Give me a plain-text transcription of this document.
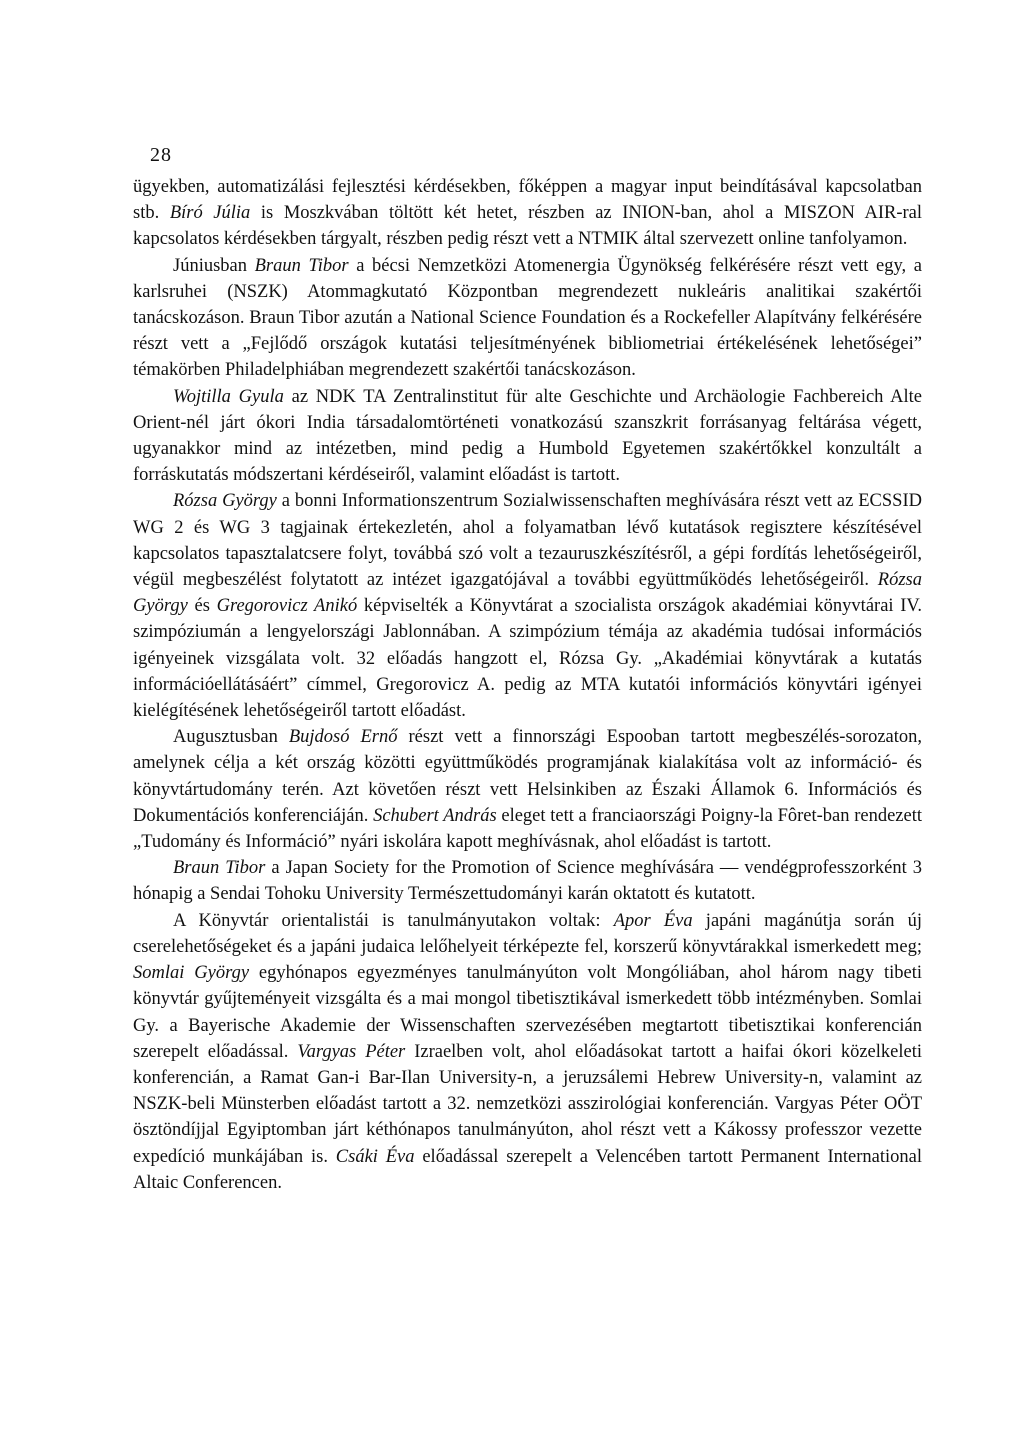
28

ügyekben, automatizálási fejlesztési kérdésekben, főképpen a magyar input beindításával kapcsolatban stb. Bíró Júlia is Moszkvában töltött két hetet, részben az INION-ban, ahol a MISZON AIR-ral kapcsolatos kérdésekben tárgyalt, részben pedig részt vett a NTMIK által szervezett online tanfolyamon.

Júniusban Braun Tibor a bécsi Nemzetközi Atomenergia Ügynökség felkérésére részt vett egy, a karlsruhei (NSZK) Atommagkutató Központban megrendezett nukleáris analitikai szakértői tanácskozáson. Braun Tibor azután a National Science Foundation és a Rockefeller Alapítvány felkérésére részt vett a „Fejlődő országok kutatási teljesítményének bibliometriai értékelésének lehetőségei” témakörben Philadelphiában megrendezett szakértői tanácskozáson.

Wojtilla Gyula az NDK TA Zentralinstitut für alte Geschichte und Archäologie Fachbereich Alte Orient-nél járt ókori India társadalomtörténeti vonatkozású szanszkrit forrásanyag feltárása végett, ugyanakkor mind az intézetben, mind pedig a Humbold Egyetemen szakértőkkel konzultált a forráskutatás módszertani kérdéseiről, valamint előadást is tartott.

Rózsa György a bonni Informationszentrum Sozialwissenschaften meghívására részt vett az ECSSID WG 2 és WG 3 tagjainak értekezletén, ahol a folyamatban lévő kutatások regisztere készítésével kapcsolatos tapasztalatcsere folyt, továbbá szó volt a tezauruszkészítésről, a gépi fordítás lehetőségeiről, végül megbeszélést folytatott az intézet igazgatójával a további együttműködés lehetőségeiről. Rózsa György és Gregorovicz Anikó képviselték a Könyvtárat a szocialista országok akadémiai könyvtárai IV. szimpóziumán a lengyelországi Jablonnában. A szimpózium témája az akadémia tudósai információs igényeinek vizsgálata volt. 32 előadás hangzott el, Rózsa Gy. „Akadémiai könyvtárak a kutatás információellátásáért” címmel, Gregorovicz A. pedig az MTA kutatói információs könyvtári igényei kielégítésének lehetőségeiről tartott előadást.

Augusztusban Bujdosó Ernő részt vett a finnországi Espooban tartott megbeszélés-sorozaton, amelynek célja a két ország közötti együttműködés programjának kialakítása volt az információ- és könyvtártudomány terén. Azt követően részt vett Helsinkiben az Északi Államok 6. Információs és Dokumentációs konferenciáján. Schubert András eleget tett a franciaországi Poigny-la Fôret-ban rendezett „Tudomány és Információ” nyári iskolára kapott meghívásnak, ahol előadást is tartott.

Braun Tibor a Japan Society for the Promotion of Science meghívására — vendégprofesszorként 3 hónapig a Sendai Tohoku University Természettudományi karán oktatott és kutatott.

A Könyvtár orientalistái is tanulmányutakon voltak: Apor Éva japáni magánútja során új cserelehetőségeket és a japáni judaica lelőhelyeit térképezte fel, korszerű könyvtárakkal ismerkedett meg; Somlai György egyhónapos egyezményes tanulmányúton volt Mongóliában, ahol három nagy tibeti könyvtár gyűjteményeit vizsgálta és a mai mongol tibetisztikával ismerkedett több intézményben. Somlai Gy. a Bayerische Akademie der Wissenschaften szervezésében megtartott tibetisztikai konferencián szerepelt előadással. Vargyas Péter Izraelben volt, ahol előadásokat tartott a haifai ókori közelkeleti konferencián, a Ramat Gan-i Bar-Ilan University-n, a jeruzsálemi Hebrew University-n, valamint az NSZK-beli Münsterben előadást tartott a 32. nemzetközi asszirológiai konferencián. Vargyas Péter OÖT ösztöndíjjal Egyiptomban járt kéthónapos tanulmányúton, ahol részt vett a Kákossy professzor vezette expedíció munkájában is. Csáki Éva előadással szerepelt a Velencében tartott Permanent International Altaic Conferencen.
